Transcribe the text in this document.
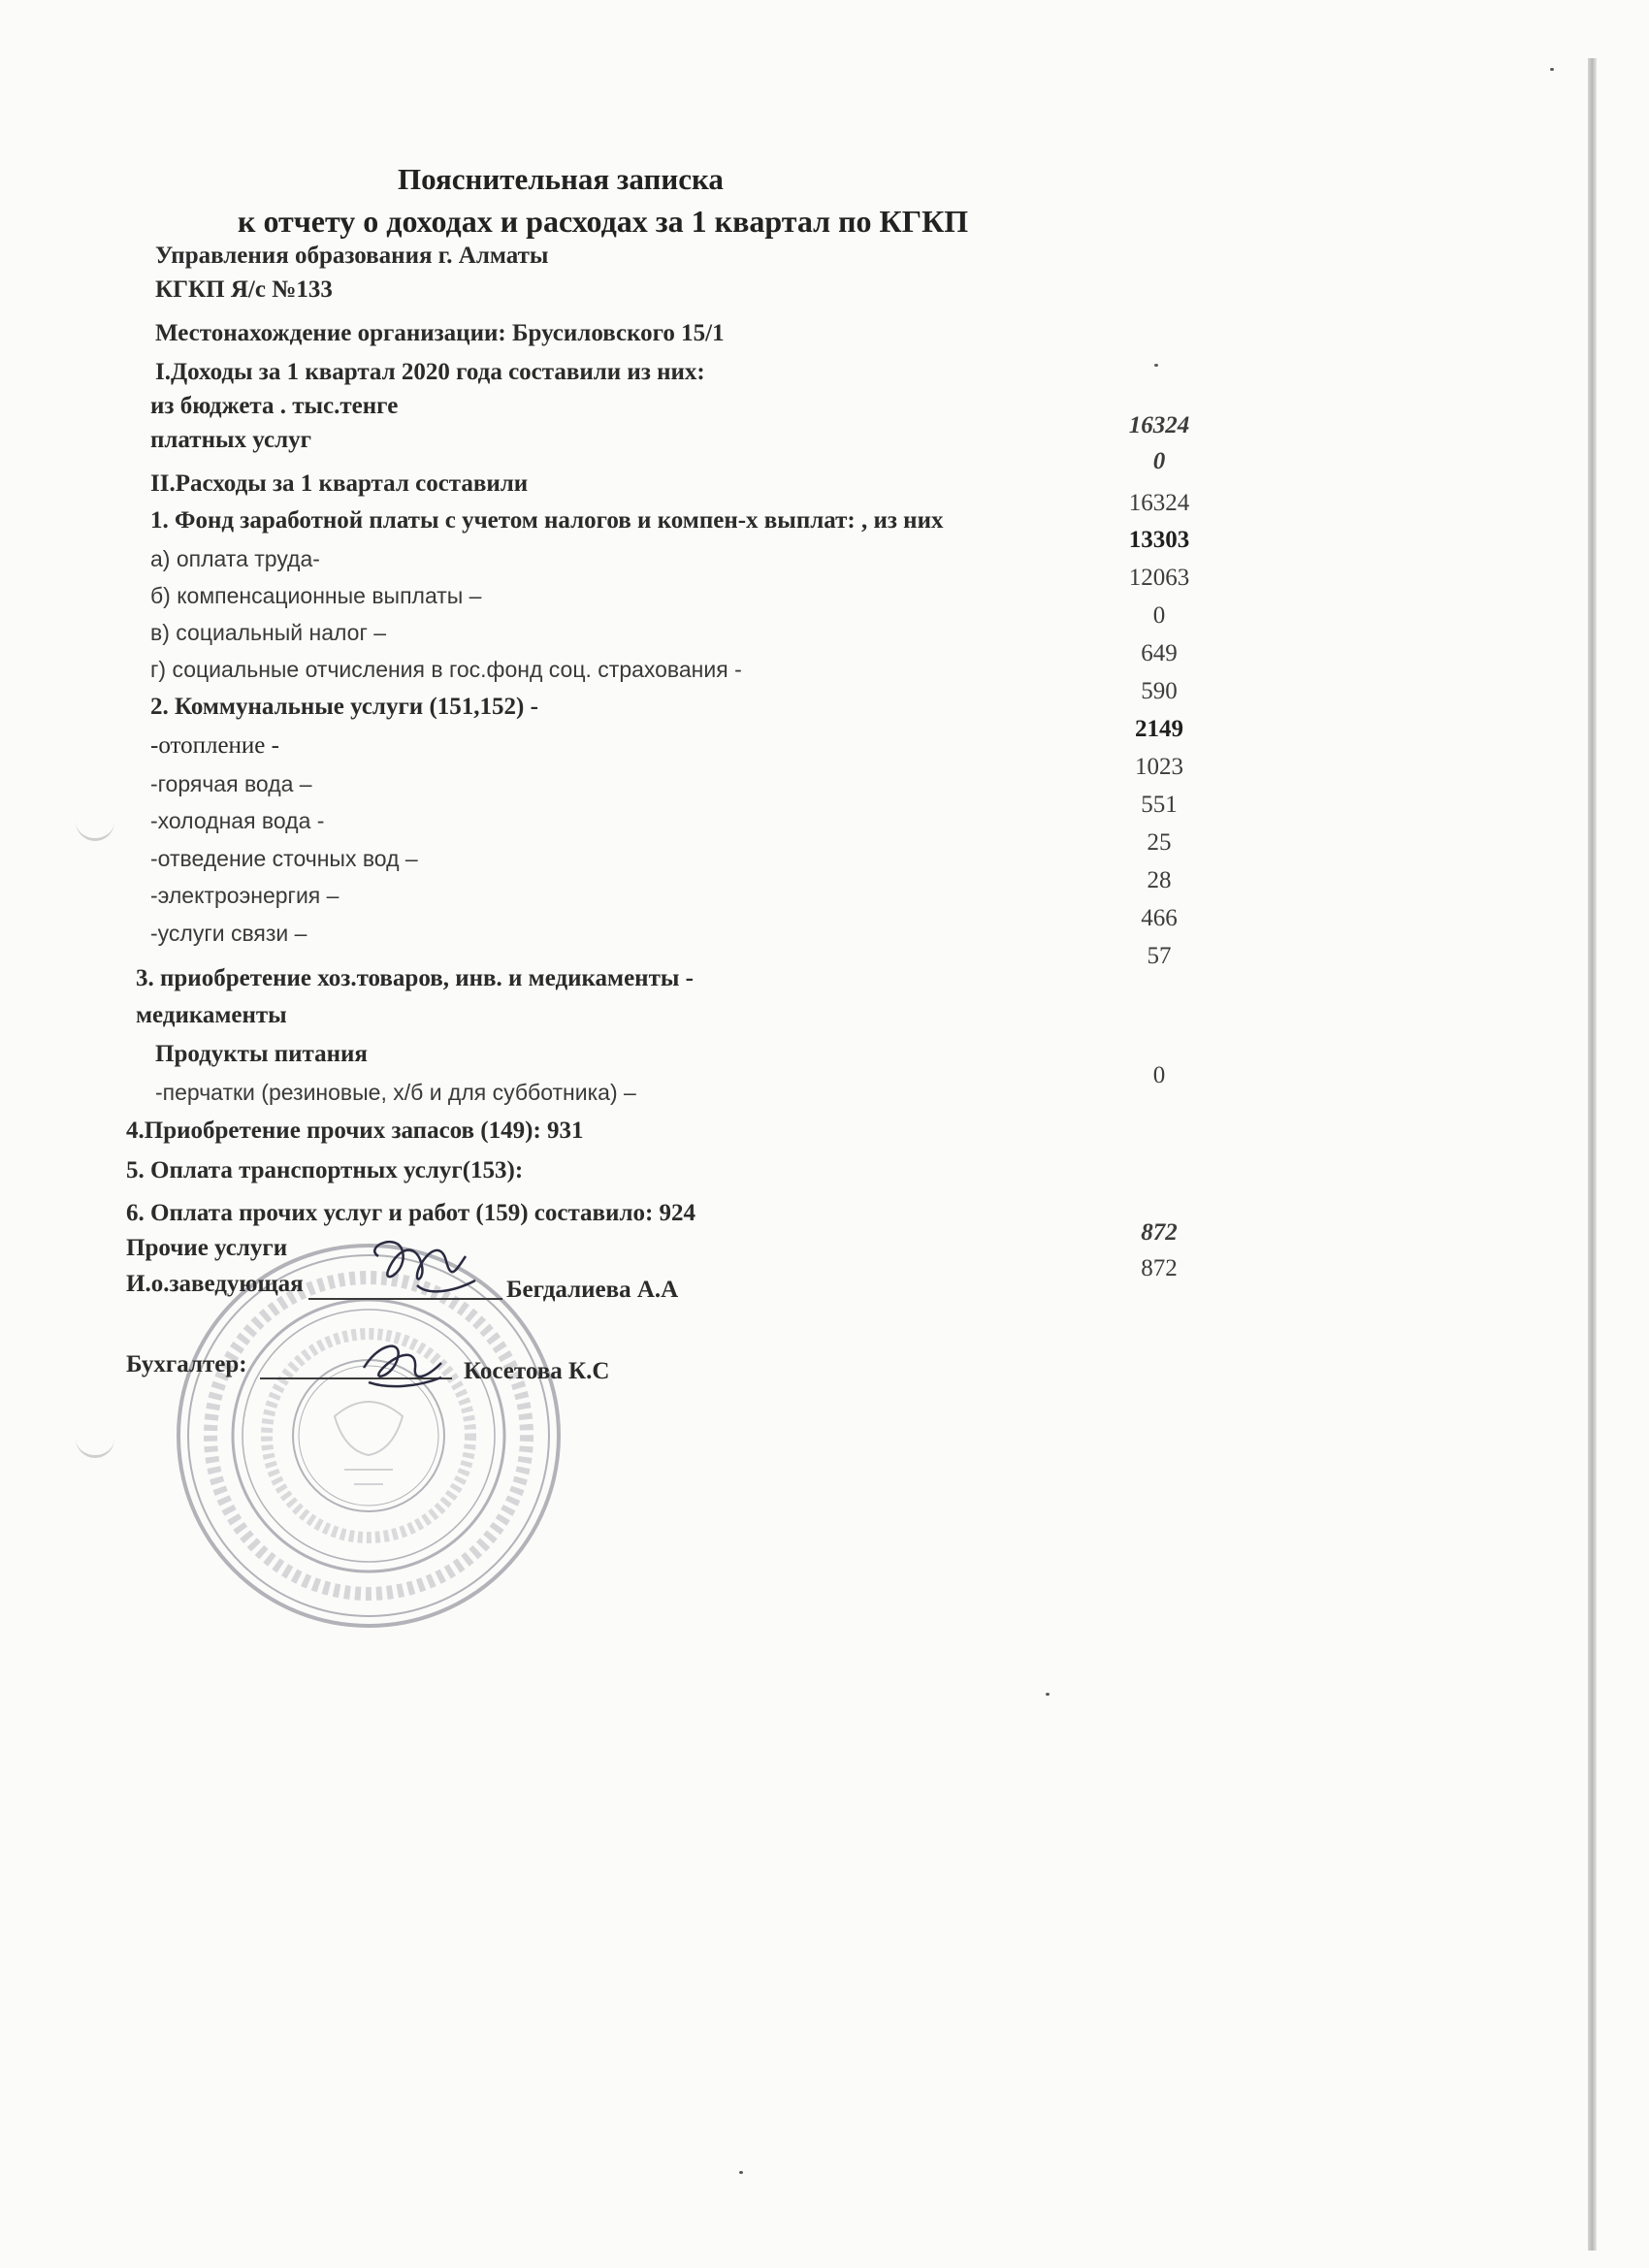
Пояснительная записка
к отчету о доходах и расходах за 1 квартал по КГКП
Управления образования г. Алматы
КГКП Я/с №133
Местонахождение организации: Брусиловского 15/1
I.Доходы за 1 квартал 2020 года составили из них:
из бюджета . тыс.тенге
платных услуг
II.Расходы за 1 квартал составили
1. Фонд заработной платы с учетом налогов и компен-х выплат: , из них
а) оплата труда-
б) компенсационные выплаты –
в) социальный налог –
г) социальные отчисления в гос.фонд соц. страхования -
2. Коммунальные услуги (151,152) -
-отопление -
-горячая вода –
-холодная вода -
-отведение сточных вод –
-электроэнергия –
-услуги связи –
3. приобретение хоз.товаров, инв. и медикаменты -
медикаменты
Продукты питания
-перчатки (резиновые, х/б и для субботника) –
4.Приобретение прочих запасов (149): 931
5. Оплата транспортных услуг(153):
6. Оплата прочих услуг и работ (159) составило: 924
Прочие услуги
16324
0
16324
13303
12063
0
649
590
2149
1023
551
25
28
466
57
0
872
872
И.о.заведующая	Бегдалиева А.А
Бухгалтер:	Косетова К.С
